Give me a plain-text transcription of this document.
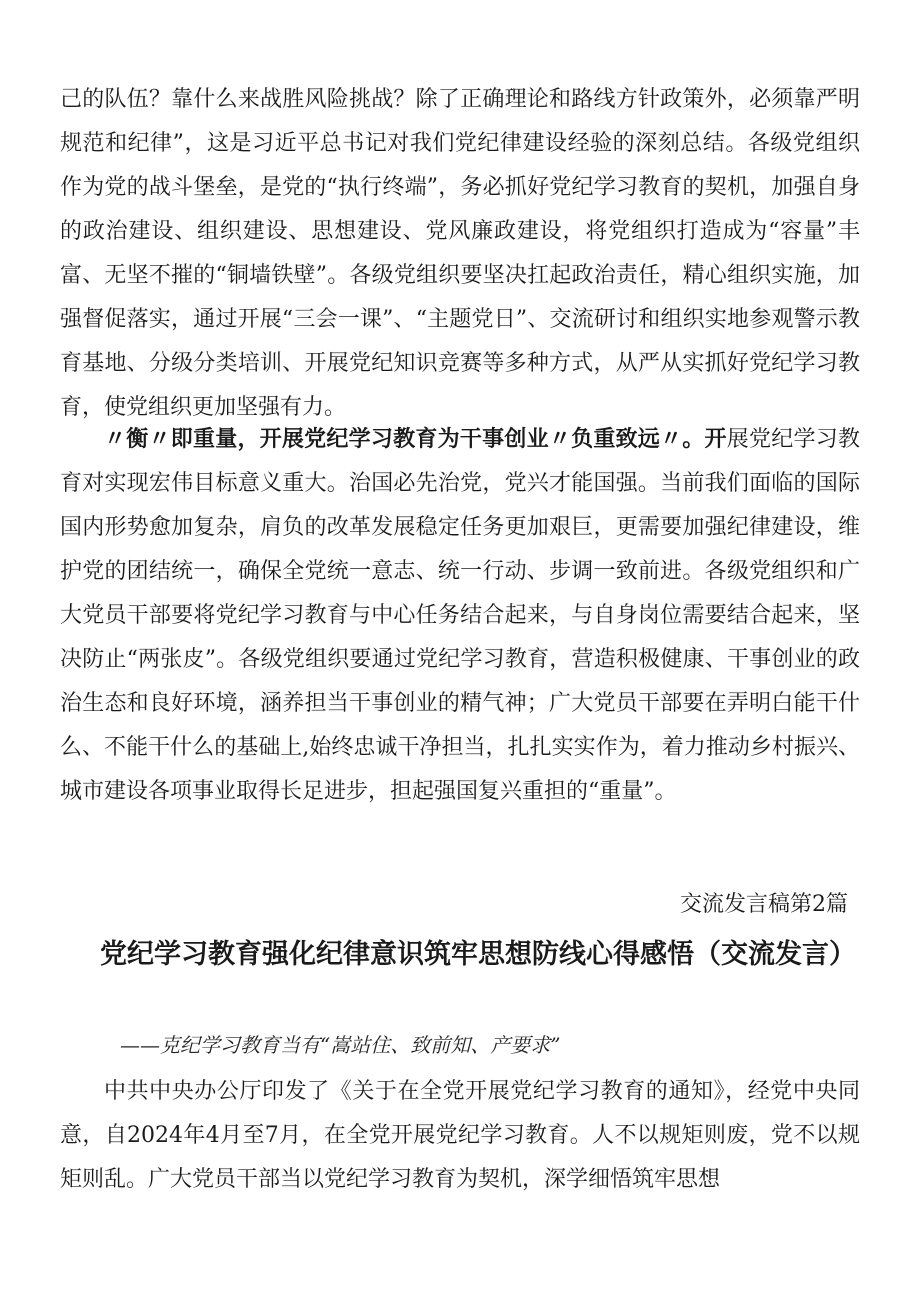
己的队伍？靠什么来战胜风险挑战？除了正确理论和路线方针政策外，必须靠严明规范和纪律”，这是习近平总书记对我们党纪律建设经验的深刻总结。各级党组织作为党的战斗堡垒，是党的“执行终端”，务必抓好党纪学习教育的契机，加强自身的政治建设、组织建设、思想建设、党风廉政建设，将党组织打造成为“容量”丰富、无坚不摧的“铜墙铁壁”。各级党组织要坚决扛起政治责任，精心组织实施，加强督促落实，通过开展“三会一课”、“主题党日”、交流研讨和组织实地参观警示教育基地、分级分类培训、开展党纪知识竞赛等多种方式，从严从实抓好党纪学习教育，使党组织更加坚强有力。

〃衡〃即重量，开展党纪学习教育为干事创业〃负重致远〃。开展党纪学习教育对实现宏伟目标意义重大。治国必先治党，党兴才能国强。当前我们面临的国际国内形势愈加复杂，肩负的改革发展稳定任务更加艰巨，更需要加强纪律建设，维护党的团结统一，确保全党统一意志、统一行动、步调一致前进。各级党组织和广大党员干部要将党纪学习教育与中心任务结合起来，与自身岗位需要结合起来，坚决防止“两张皮”。各级党组织要通过党纪学习教育，营造积极健康、干事创业的政治生态和良好环境，涵养担当干事创业的精气神；广大党员干部要在弄明白能干什么、不能干什么的基础上,始终忠诚干净担当，扎扎实实作为，着力推动乡村振兴、城市建设各项事业取得长足进步，担起强国复兴重担的“重量”。

交流发言稿第2篇

党纪学习教育强化纪律意识筑牢思想防线心得感悟（交流发言）

——克纪学习教育当有“嵩站住、致前知、产要求”

中共中央办公厅印发了《关于在全党开展党纪学习教育的通知》，经党中央同意，自2024年4月至7月，在全党开展党纪学习教育。人不以规矩则废，党不以规矩则乱。广大党员干部当以党纪学习教育为契机，深学细悟筑牢思想
